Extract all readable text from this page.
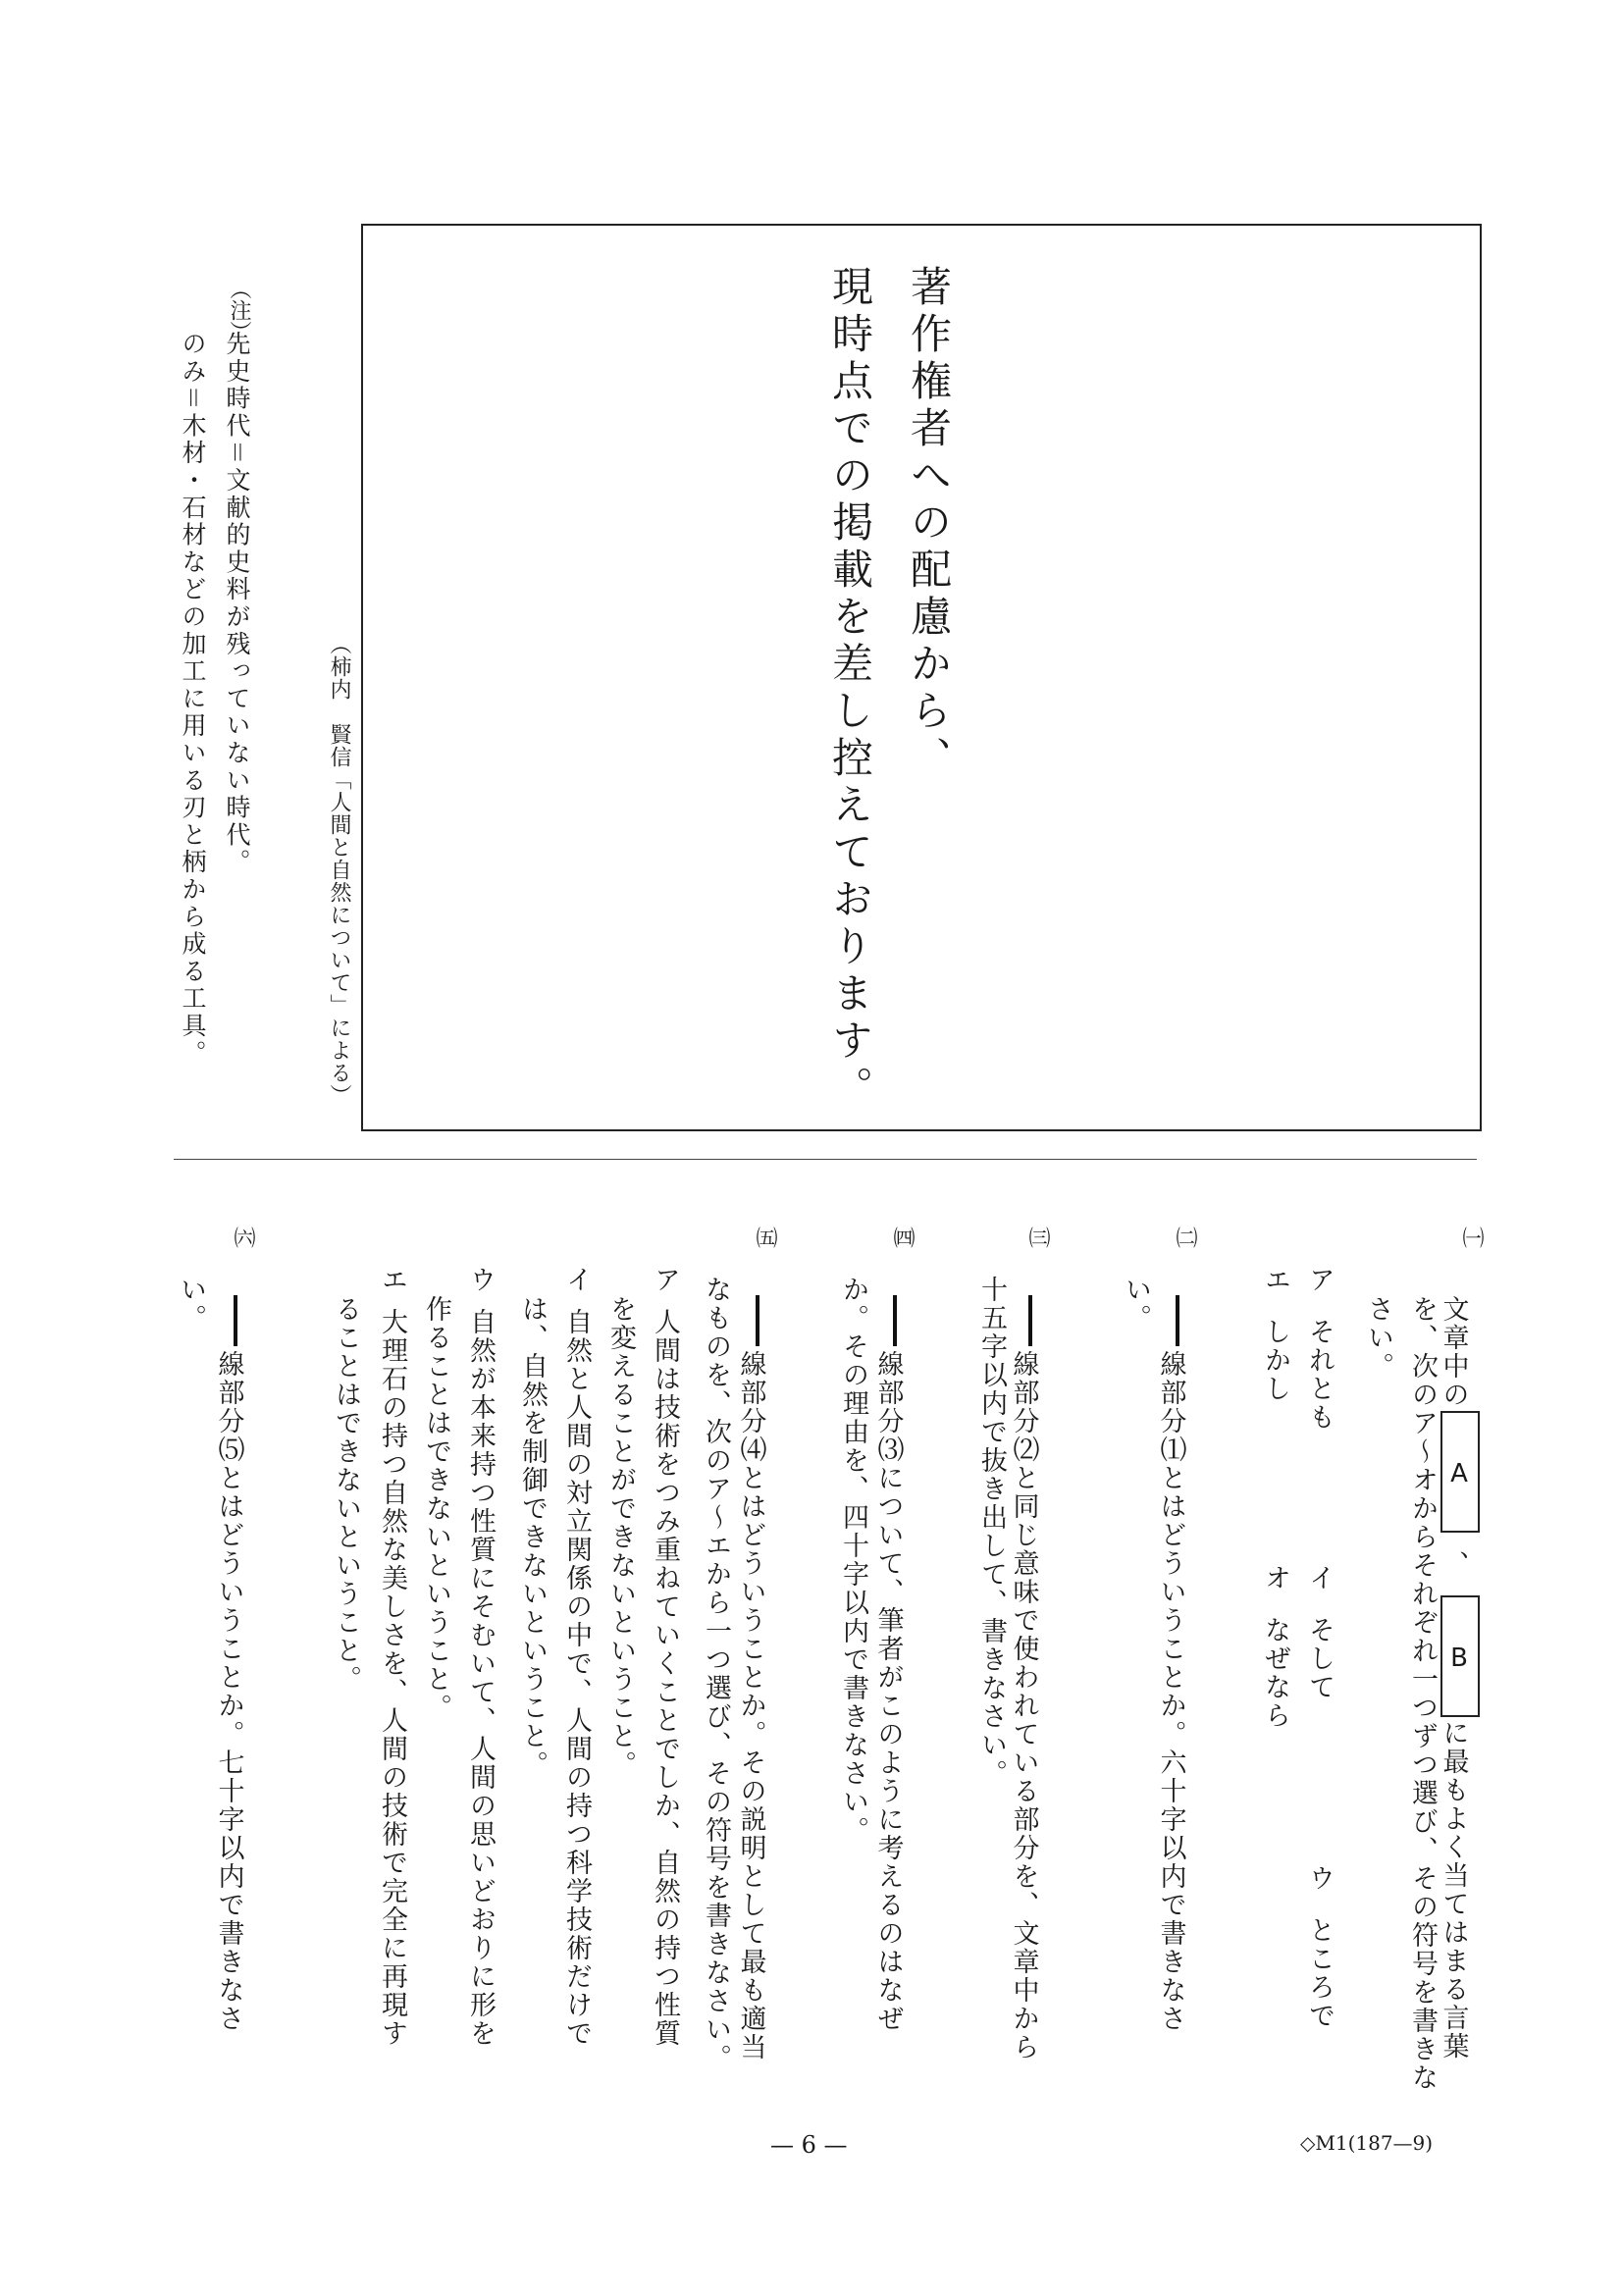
著作権者への配慮から、
現時点での掲載を差し控えております。
（柿内　賢信「人間と自然について」による）
（注）
先史時代＝文献的史料が残っていない時代。
のみ＝木材・石材などの加工に用いる刃と柄から成る工具。
㈠
文章中のA、Bに最もよく当てはまる言葉
を、次のア～オからそれぞれ一つずつ選び、その符号を書きな
さい。
アそれとも
イそして
ウところで
エしかし
オなぜなら
㈡
線部分⑴とはどういうことか。六十字以内で書きなさ
い。
㈢
線部分⑵と同じ意味で使われている部分を、文章中から
十五字以内で抜き出して、書きなさい。
㈣
線部分⑶について、筆者がこのように考えるのはなぜ
か。その理由を、四十字以内で書きなさい。
㈤
線部分⑷とはどういうことか。その説明として最も適当
なものを、次のア～エから一つ選び、その符号を書きなさい。
ア人間は技術をつみ重ねていくことでしか、自然の持つ性質
を変えることができないということ。
イ自然と人間の対立関係の中で、人間の持つ科学技術だけで
は、自然を制御できないということ。
ウ自然が本来持つ性質にそむいて、人間の思いどおりに形を
作ることはできないということ。
エ大理石の持つ自然な美しさを、人間の技術で完全に再現す
ることはできないということ。
㈥
線部分⑸とはどういうことか。七十字以内で書きなさ
い。
— 6 —	◇M1(187—9)
